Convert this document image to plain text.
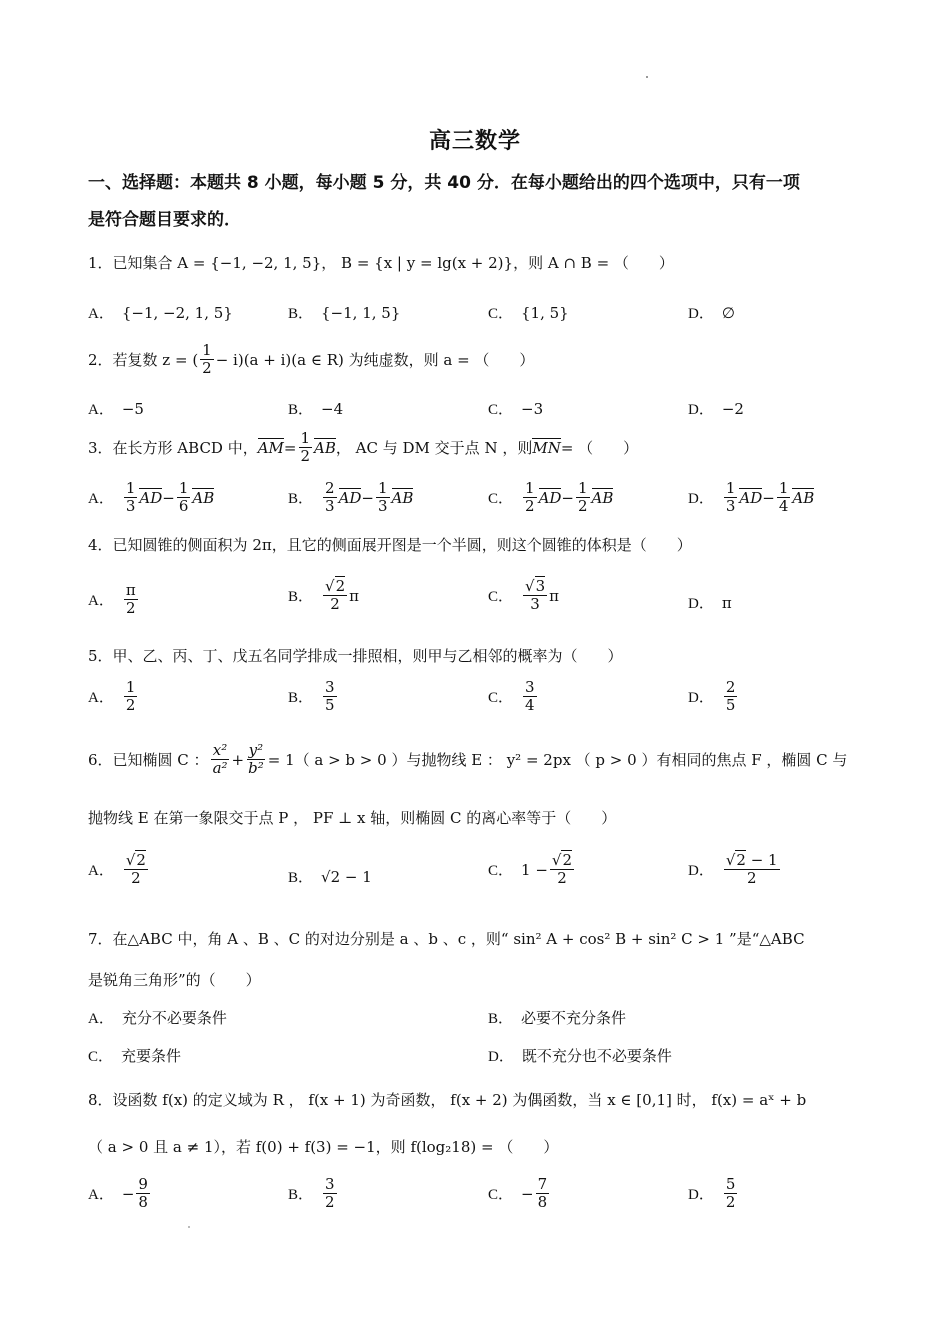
高三数学
一、选择题：本题共 8 小题，每小题 5 分，共 40 分．在每小题给出的四个选项中，只有一项
是符合题目要求的．
1．已知集合 A = {−1, −2, 1, 5}， B = {x | y = lg(x + 2)}，则 A ∩ B = （　　）
A． {−1, −2, 1, 5}	B． {−1, 1, 5}	C． {1, 5}	D． ∅
2．若复数 z = ( $\frac{1}{2} - i)(a + i)(a$ ∈ R) 为纯虚数，则 a = （　　）
A． −5	B． −4	C． −3	D． −2
3．在长方形 ABCD 中， AM = $\frac{1}{2}$ AB ， AC 与 DM 交于点 N ，则 MN = （　　）
A． $\frac{1}{3}$ AD − $\frac{1}{6}$ AB	B． $\frac{2}{3}$ AD − $\frac{1}{3}$ AB	C． $\frac{1}{2}$ AD − $\frac{1}{2}$ AB	D． $\frac{1}{3}$ AD − $\frac{1}{4}$ AB
4．已知圆锥的侧面积为 2π，且它的侧面展开图是一个半圆，则这个圆锥的体积是（　　）
A． $\frac{\pi}{2}$	B． $\frac{√2}{2}$ π	C． $\frac{√3}{3}$ π	D． π
5．甲、乙、丙、丁、戊五名同学排成一排照相，则甲与乙相邻的概率为（　　）
A． $\frac{1}{2}$	B． $\frac{3}{5}$	C． $\frac{3}{4}$	D． $\frac{2}{5}$
6．已知椭圆 C ： $\frac{\text{x²}}{\text{a²}} + \frac{\text{y²}}{\text{b²}} = 1$（ a > b > 0 ）与抛物线 E ： y² = 2px （ p > 0 ）有相同的焦点 F ，椭圆 C 与
抛物线 E 在第一象限交于点 P ， PF ⊥ x 轴，则椭圆 C 的离心率等于（　　）
A． $\frac{√2}{2}$	B． √2 − 1	C． $1 - \frac{√2}{2}$	D． $\frac{√2 - 1}{2}$
7．在△ABC 中，角 A 、B 、C 的对边分别是 a 、b 、c ，则“ sin² A + cos² B + sin² C > 1 ”是“△ABC
是锐角三角形”的（　　）
A． 充分不必要条件	B． 必要不充分条件
C． 充要条件	D． 既不充分也不必要条件
8．设函数 f(x) 的定义域为 R ， f(x + 1) 为奇函数， f(x + 2) 为偶函数，当 x ∈ [0,1] 时， f(x) = aˣ + b
（ a > 0 且 a ≠ 1），若 f(0) + f(3) = −1，则 f(log₂18) = （　　）
A． − $\frac{9}{8}$	B． $\frac{3}{2}$	C． − $\frac{7}{8}$	D． $\frac{5}{2}$
